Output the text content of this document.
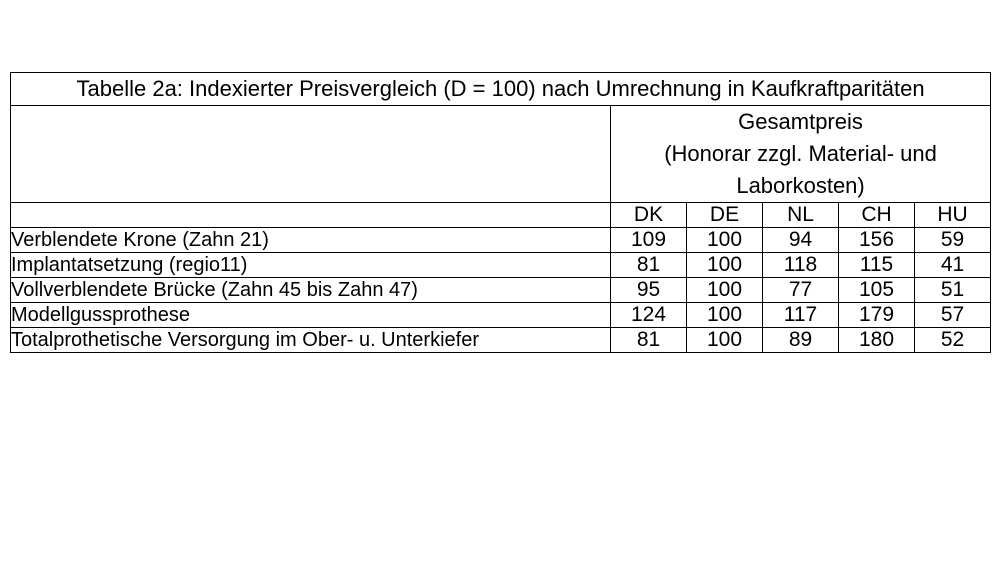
Tabelle 2a: Indexierter Preisvergleich (D = 100) nach Umrechnung in Kaufkraftparitäten					

	Gesamtpreis
(Honorar zzgl. Material- und
Laborkosten)				

	DK	DE	NL	CH	HU
Verblendete Krone (Zahn 21)	109	100	94	156	59
Implantatsetzung (regio11)	81	100	118	115	41
Vollverblendete Brücke (Zahn 45 bis Zahn 47)	95	100	77	105	51
Modellgussprothese	124	100	117	179	57
Totalprothetische Versorgung im Ober- u. Unterkiefer	81	100	89	180	52
